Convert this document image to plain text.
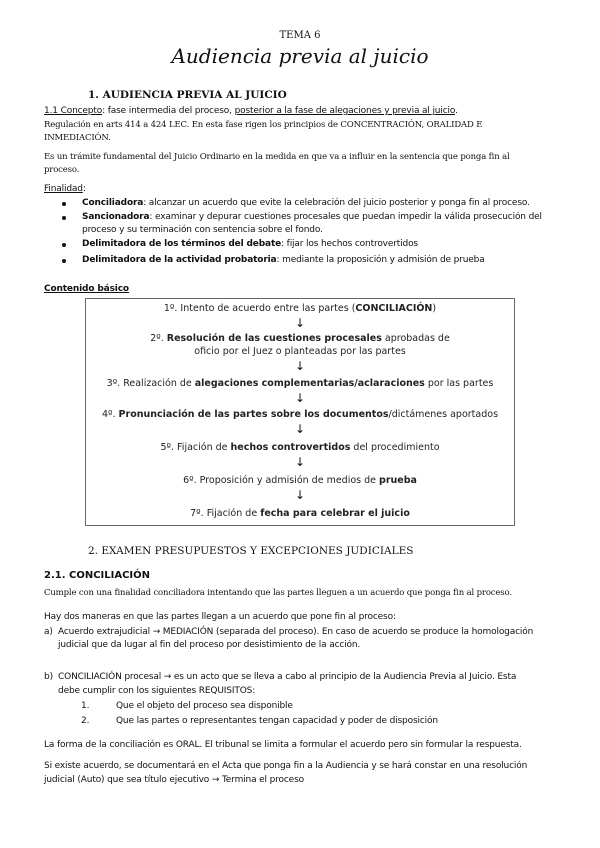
TEMA 6
Audiencia previa al juicio
1. AUDIENCIA PREVIA AL JUICIO
1.1 Concepto: fase intermedia del proceso, posterior a la fase de alegaciones y previa al juicio.
Regulación en arts 414 a 424 LEC. En esta fase rigen los principios de CONCENTRACIÓN, ORALIDAD E
INMEDIACIÓN.
Es un trámite fundamental del Juicio Ordinario en la medida en que va a influir en la sentencia que ponga fin al
proceso.
Finalidad:
Conciliadora: alcanzar un acuerdo que evite la celebración del juicio posterior y ponga fin al proceso.
Sancionadora: examinar y depurar cuestiones procesales que puedan impedir la válida prosecución del
proceso y su terminación con sentencia sobre el fondo.
Delimitadora de los términos del debate: fijar los hechos controvertidos
Delimitadora de la actividad probatoria: mediante la proposición y admisión de prueba
Contenido básico
1º. Intento de acuerdo entre las partes (CONCILIACIÓN)
↓
2º. Resolución de las cuestiones procesales aprobadas de
oficio por el Juez o planteadas por las partes
↓
3º. Realización de alegaciones complementarias/aclaraciones por las partes
↓
4º. Pronunciación de las partes sobre los documentos/dictámenes aportados
↓
5º. Fijación de hechos controvertidos del procedimiento
↓
6º. Proposición y admisión de medios de prueba
↓
7º. Fijación de fecha para celebrar el juicio
2. EXAMEN PRESUPUESTOS Y EXCEPCIONES JUDICIALES
2.1. CONCILIACIÓN
Cumple con una finalidad conciliadora intentando que las partes lleguen a un acuerdo que ponga fin al proceso.
Hay dos maneras en que las partes llegan a un acuerdo que pone fin al proceso:
a) Acuerdo extrajudicial → MEDIACIÓN (separada del proceso). En caso de acuerdo se produce la homologación
judicial que da lugar al fin del proceso por desistimiento de la acción.
b) CONCILIACIÓN procesal → es un acto que se lleva a cabo al principio de la Audiencia Previa al Juicio. Esta
debe cumplir con los siguientes REQUISITOS:
1.	Que el objeto del proceso sea disponible
2.	Que las partes o representantes tengan capacidad y poder de disposición
La forma de la conciliación es ORAL. El tribunal se limita a formular el acuerdo pero sin formular la respuesta.
Si existe acuerdo, se documentará en el Acta que ponga fin a la Audiencia y se hará constar en una resolución
judicial (Auto) que sea título ejecutivo → Termina el proceso
